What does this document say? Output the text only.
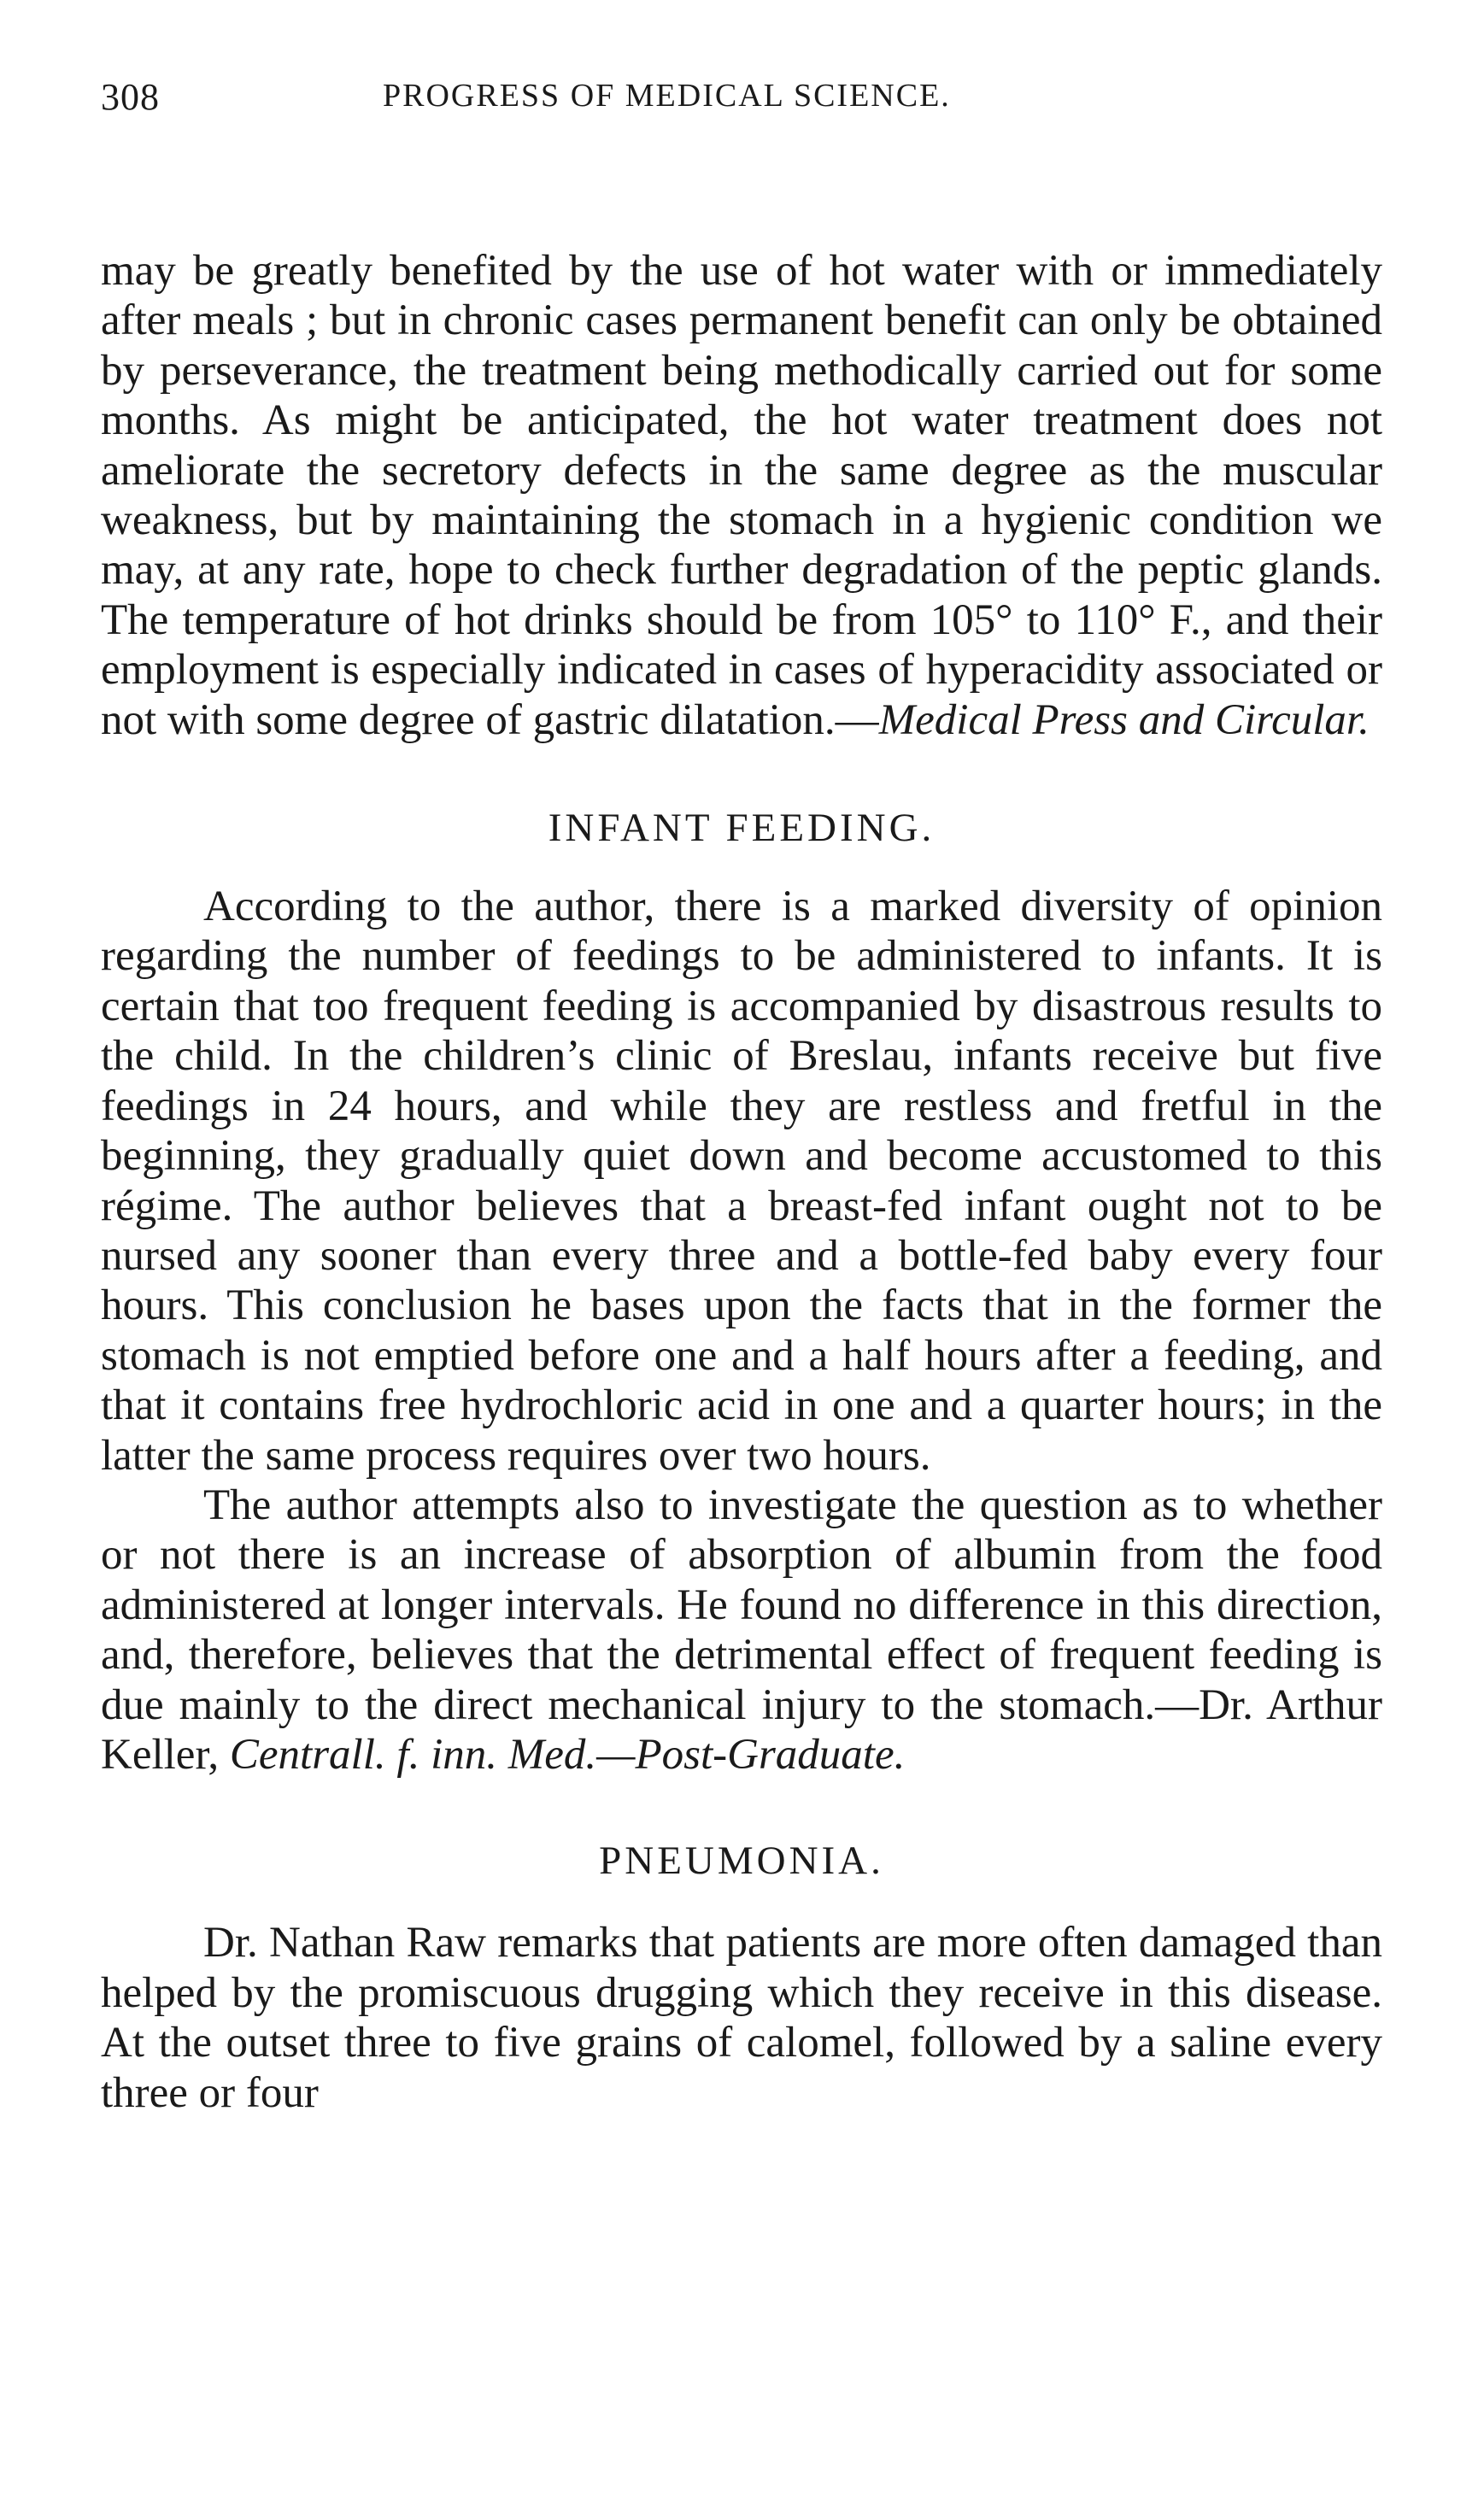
308	PROGRESS OF MEDICAL SCIENCE.

may be greatly benefited by the use of hot water with or immediately after meals ; but in chronic cases permanent benefit can only be obtained by perseverance, the treatment being methodically carried out for some months. As might be anticipated, the hot water treatment does not ameliorate the secretory defects in the same degree as the muscular weakness, but by maintaining the stomach in a hygienic condition we may, at any rate, hope to check further degradation of the peptic glands. The temperature of hot drinks should be from 105° to 110° F., and their employment is especially indicated in cases of hyperacidity associated or not with some degree of gastric dilatation.—Medical Press and Circular.

INFANT FEEDING.

According to the author, there is a marked diversity of opinion regarding the number of feedings to be administered to infants. It is certain that too frequent feeding is accompanied by disastrous results to the child. In the children’s clinic of Breslau, infants receive but five feedings in 24 hours, and while they are restless and fretful in the beginning, they gradually quiet down and become accustomed to this régime. The author believes that a breast-fed infant ought not to be nursed any sooner than every three and a bottle-fed baby every four hours. This conclusion he bases upon the facts that in the former the stomach is not emptied before one and a half hours after a feeding, and that it contains free hydrochloric acid in one and a quarter hours; in the latter the same process requires over two hours.

The author attempts also to investigate the question as to whether or not there is an increase of absorption of albumin from the food administered at longer intervals. He found no difference in this direction, and, therefore, believes that the detrimental effect of frequent feeding is due mainly to the direct mechanical injury to the stomach.—Dr. Arthur Keller, Centrall. f. inn. Med.—Post-Graduate.

PNEUMONIA.

Dr. Nathan Raw remarks that patients are more often damaged than helped by the promiscuous drugging which they receive in this disease. At the outset three to five grains of calomel, followed by a saline every three or four
